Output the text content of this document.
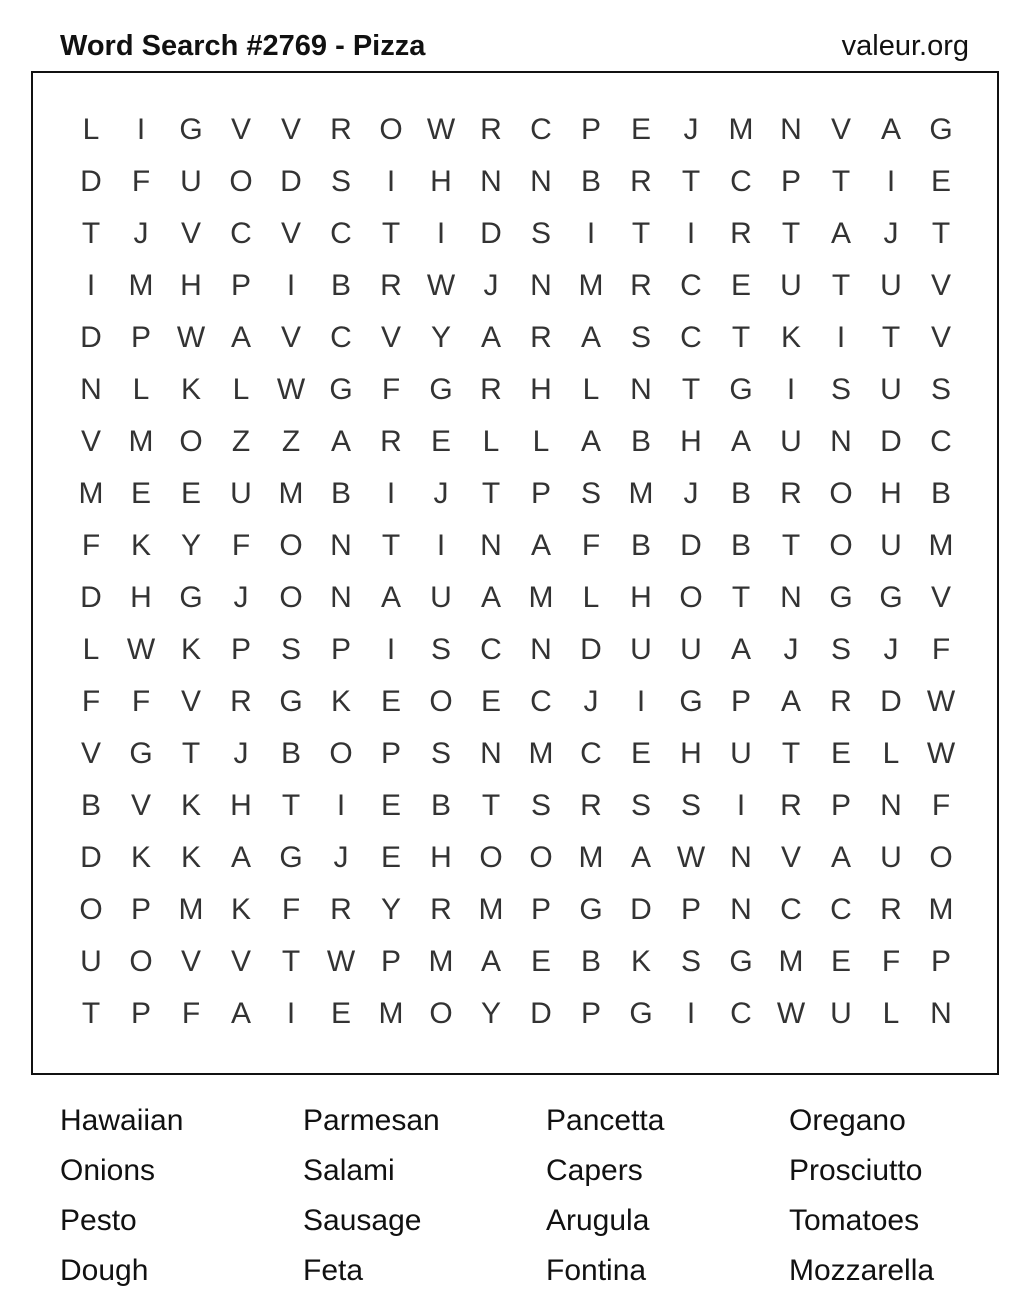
Word Search #2769 - Pizza	valeur.org
L	I	G V V R O W R C P E	J	M N V A G
D	F	U O D S	I	H N N B R	T	C P	T	I	E
T	J	V C V C	T	I	D S	I	T	I	R	T	A	J	T
I	M H P	I	B R W J	N M R C E U	T	U V
D P W A V C V Y A R A S C	T	K	I	T	V
N	L	K	L W G F G R H	L	N	T G	I	S U S
V M O Z	Z	A R E	L	L	A B H A U N D C
M E E U M B	I	J	T	P S M	J	B R O H B
F	K Y	F O N	T	I	N A	F	B D B	T O U M
D H G	J	O N A U A M L	H O T	N G G V
L W K P S P	I	S C N D U U A	J	S	J	F
F	F	V R G K E O E C	J	I	G P A R D W
V G T	J	B O P S N M C E H U	T	E	L W
B V K H	T	I	E B	T	S R S S	I	R P N	F
D K K A G	J	E H O O M A W N V A U O
O P M K	F	R Y R M P G D P N C C R M
U O V V	T W P M A E B K S G M E	F	P
T	P	F	A	I	E M O Y D P G	I	C W U	L	N
Hawaiian	Parmesan	Pancetta	Oregano
Onions	Salami	Capers	Prosciutto
Pesto	Sausage	Arugula	Tomatoes
Dough	Feta	Fontina	Mozzarella
